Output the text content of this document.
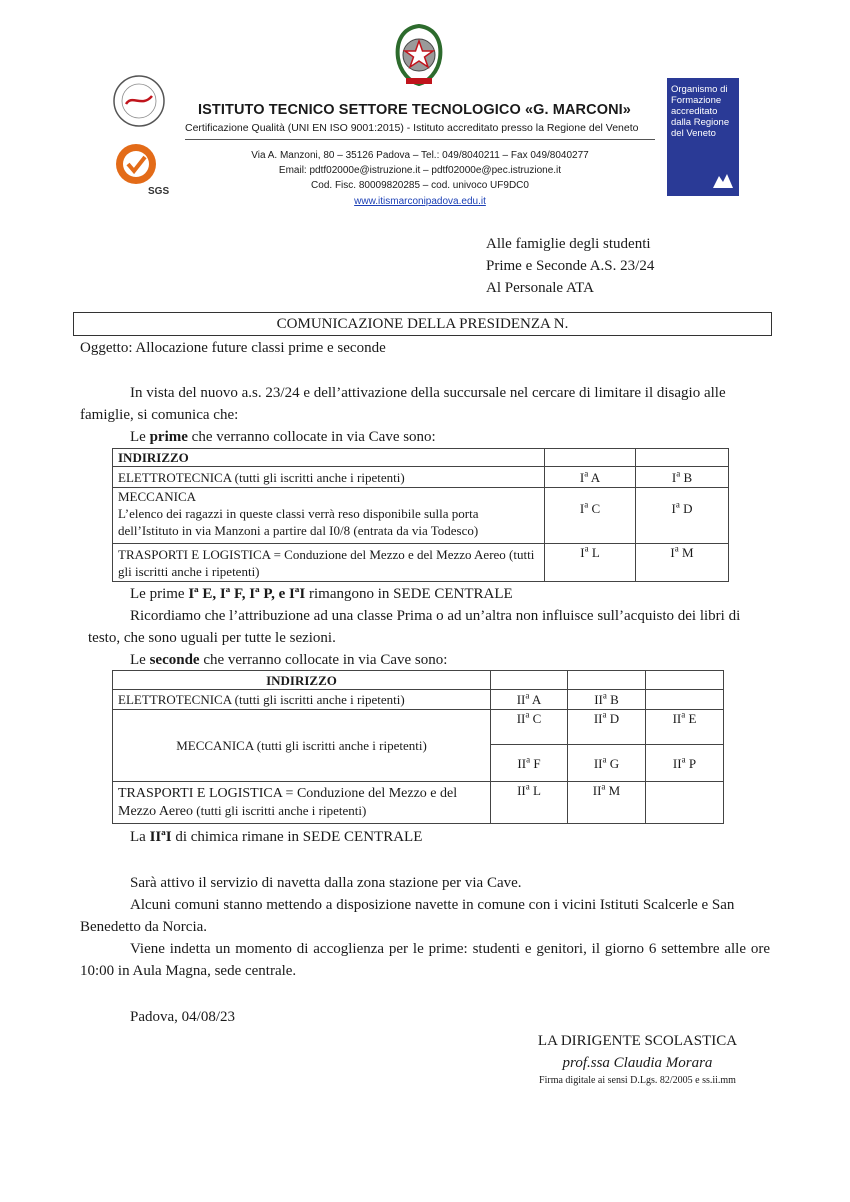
SGS
ISTITUTO TECNICO SETTORE TECNOLOGICO «G. MARCONI»
Certificazione Qualità (UNI EN ISO 9001:2015) - Istituto accreditato presso la Regione del Veneto
Via A. Manzoni, 80 – 35126 Padova – Tel.: 049/8040211 – Fax 049/8040277
Email: pdtf02000e@istruzione.it – pdtf02000e@pec.istruzione.it
Cod. Fisc. 80009820285 – cod. univoco UF9DC0
www.itismarconipadova.edu.it
Organismo di Formazione accreditato dalla Regione del Veneto
Alle famiglie degli studenti
Prime e Seconde A.S. 23/24
Al Personale ATA
COMUNICAZIONE DELLA PRESIDENZA N.
Oggetto: Allocazione future classi prime e seconde

In vista del nuovo a.s. 23/24 e dell’attivazione della succursale nel cercare di limitare il disagio alle famiglie, si comunica che:

Le prime che verranno collocate in via Cave sono:

INDIRIZZO		
ELETTROTECNICA (tutti gli iscritti anche i ripetenti)	$I^a$ A	$I^a$ B

MECCANICA
L’elenco dei ragazzi in queste classi verrà reso disponibile sulla porta dell’Istituto in via Manzoni a partire dal I0/8 (entrata da via Todesco)	$I^a$ C	$I^a$ D
TRASPORTI E LOGISTICA = Conduzione del Mezzo e del Mezzo Aereo (tutti gli iscritti anche i ripetenti)	$I^a$ L	$I^a$ M

Le prime Iª E, Iª F, Iª P, e IªI rimangono in SEDE CENTRALE

Ricordiamo che l’attribuzione ad una classe Prima o ad un’altra non influisce sull’acquisto dei libri di testo, che sono uguali per tutte le sezioni.

Le seconde che verranno collocate in via Cave sono:

INDIRIZZO			
ELETTROTECNICA (tutti gli iscritti anche i ripetenti)	$II^a$ A	$II^a$ B	
MECCANICA (tutti gli iscritti anche i ripetenti)	$II^a$ C	$II^a$ D	$II^a$ E
	$II^a$ F	$II^a$ G	$II^a$ P
TRASPORTI E LOGISTICA = Conduzione del Mezzo e del Mezzo Aereo (tutti gli iscritti anche i ripetenti)	$II^a$ L	$II^a$ M	

La IIªI di chimica rimane in SEDE CENTRALE

Sarà attivo il servizio di navetta dalla zona stazione per via Cave.

Alcuni comuni stanno mettendo a disposizione navette in comune con i vicini Istituti Scalcerle e San Benedetto da Norcia.

Viene indetta un momento di accoglienza per le prime: studenti e genitori, il giorno 6 settembre alle ore 10:00 in Aula Magna, sede centrale.

Padova, 04/08/23

LA DIRIGENTE SCOLASTICA
prof.ssa Claudia Morara
Firma digitale ai sensi D.Lgs. 82/2005 e ss.ii.mm
